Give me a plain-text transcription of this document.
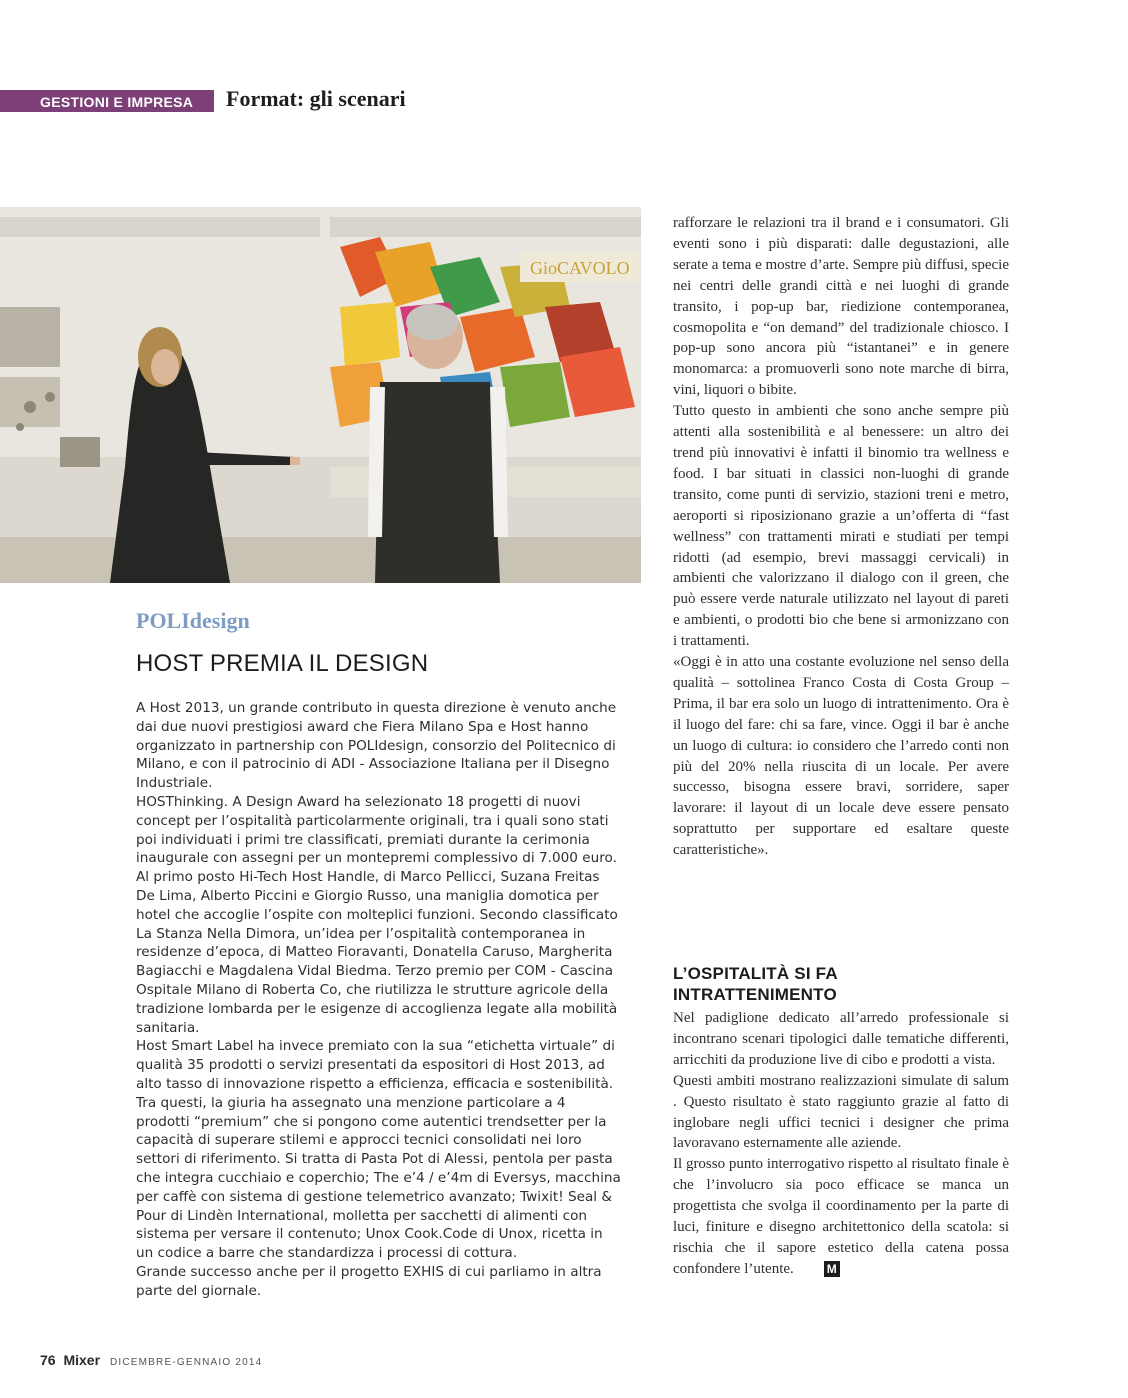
GESTIONI E IMPRESA Format: gli scenari
GioCAVOLO
POLIdesign
HOST PREMIA IL DESIGN

A Host 2013, un grande contributo in questa direzione è venuto anche dai due nuovi prestigiosi award che Fiera Milano Spa e Host hanno organizzato in partnership con POLIdesign, consorzio del Politecnico di Milano, e con il patrocinio di ADI - Associazione Italiana per il Disegno Industriale.

HOSThinking. A Design Award ha selezionato 18 progetti di nuovi concept per l’ospitalità particolarmente originali, tra i quali sono stati poi individuati i primi tre classificati, premiati durante la cerimonia inaugurale con assegni per un montepremi complessivo di 7.000 euro. Al primo posto Hi-Tech Host Handle, di Marco Pellicci, Suzana Freitas De Lima, Alberto Piccini e Giorgio Russo, una maniglia domotica per hotel che accoglie l’ospite con molteplici funzioni. Secondo classificato La Stanza Nella Dimora, un’idea per l’ospitalità contemporanea in residenze d’epoca, di Matteo Fioravanti, Donatella Caruso, Margherita Bagiacchi e Magdalena Vidal Biedma. Terzo premio per COM - Cascina Ospitale Milano di Roberta Co, che riutilizza le strutture agricole della tradizione lombarda per le esigenze di accoglienza legate alla mobilità sanitaria.

Host Smart Label ha invece premiato con la sua “etichetta virtuale” di qualità 35 prodotti o servizi presentati da espositori di Host 2013, ad alto tasso di innovazione rispetto a efficienza, efficacia e sostenibilità. Tra questi, la giuria ha assegnato una menzione particolare a 4 prodotti “premium” che si pongono come autentici trendsetter per la capacità di superare stilemi e approcci tecnici consolidati nei loro settori di riferimento. Si tratta di Pasta Pot di Alessi, pentola per pasta che integra cucchiaio e coperchio; The e’4 / e’4m di Eversys, macchina per caffè con sistema di gestione telemetrico avanzato; Twixit! Seal & Pour di Lindèn International, molletta per sacchetti di alimenti con sistema per versare il contenuto; Unox Cook.Code di Unox, ricetta in un codice a barre che standardizza i processi di cottura.

Grande successo anche per il progetto EXHIS di cui parliamo in altra parte del giornale.

rafforzare le relazioni tra il brand e i consumatori. Gli eventi sono i più disparati: dalle degustazioni, alle serate a tema e mostre d’arte. Sempre più diffusi, specie nei centri delle grandi città e nei luoghi di grande transito, i pop-up bar, riedizione contemporanea, cosmopolita e “on demand” del tradizionale chiosco. I pop-up sono ancora più “istantanei” e in genere monomarca: a promuoverli sono note marche di birra, vini, liquori o bibite.

Tutto questo in ambienti che sono anche sempre più attenti alla sostenibilità e al benessere: un altro dei trend più innovativi è infatti il binomio tra wellness e food. I bar situati in classici non-luoghi di grande transito, come punti di servizio, stazioni treni e metro, aeroporti si riposizionano grazie a un’offerta di “fast wellness” con trattamenti mirati e studiati per tempi ridotti (ad esempio, brevi massaggi cervicali) in ambienti che valorizzano il dialogo con il green, che può essere verde naturale utilizzato nel layout di pareti e ambienti, o prodotti bio che bene si armonizzano con i trattamenti.

«Oggi è in atto una costante evoluzione nel senso della qualità – sottolinea Franco Costa di Costa Group – Prima, il bar era solo un luogo di intrattenimento. Ora è il luogo del fare: chi sa fare, vince. Oggi il bar è anche un luogo di cultura: io considero che l’arredo conti non più del 20% nella riuscita di un locale. Per avere successo, bisogna essere bravi, sorridere, saper lavorare: il layout di un locale deve essere pensato soprattutto per supportare ed esaltare queste caratteristiche».

L’OSPITALITÀ SI FA INTRATTENIMENTO

Nel padiglione dedicato all’arredo professionale si incontrano scenari tipologici dalle tematiche differenti, arricchiti da produzione live di cibo e prodotti a vista.

Questi ambiti mostrano realizzazioni simulate di salum . Questo risultato è stato raggiunto grazie al fatto di inglobare negli uffici tecnici i designer che prima lavoravano esternamente alle aziende.

Il grosso punto interrogativo rispetto al risultato finale è che l’involucro sia poco efficace se manca un progettista che svolga il coordinamento per la parte di luci, finiture e disegno architettonico della scatola: si rischia che il sapore estetico della catena possa confondere l’utente.	M

76 Mixer DICEMBRE-GENNAIO 2014
